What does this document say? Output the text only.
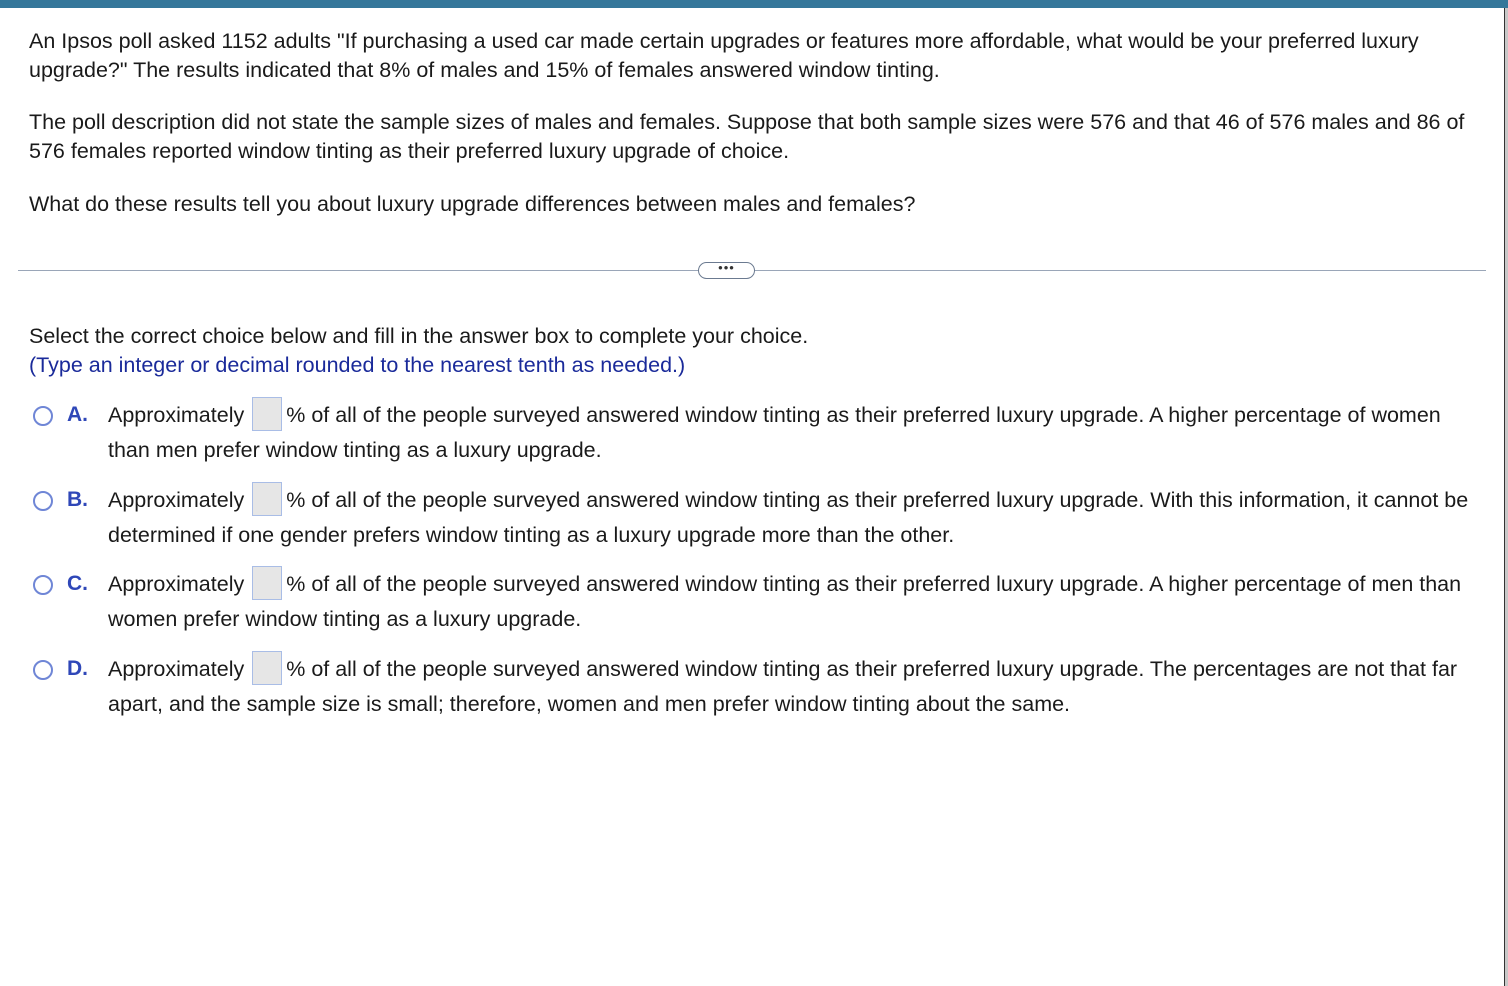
An Ipsos poll asked 1152 adults "If purchasing a used car made certain upgrades or features more affordable, what would be your preferred luxury upgrade?" The results indicated that 8% of males and 15% of females answered window tinting.

The poll description did not state the sample sizes of males and females. Suppose that both sample sizes were 576 and that 46 of 576 males and 86 of 576 females reported window tinting as their preferred luxury upgrade of choice.

What do these results tell you about luxury upgrade differences between males and females?

•••

Select the correct choice below and fill in the answer box to complete your choice.

(Type an integer or decimal rounded to the nearest tenth as needed.)

A. Approximately % of all of the people surveyed answered window tinting as their preferred luxury upgrade. A higher percentage of women than men prefer window tinting as a luxury upgrade.
B. Approximately % of all of the people surveyed answered window tinting as their preferred luxury upgrade. With this information, it cannot be determined if one gender prefers window tinting as a luxury upgrade more than the other.
C. Approximately % of all of the people surveyed answered window tinting as their preferred luxury upgrade. A higher percentage of men than women prefer window tinting as a luxury upgrade.
D. Approximately % of all of the people surveyed answered window tinting as their preferred luxury upgrade. The percentages are not that far apart, and the sample size is small; therefore, women and men prefer window tinting about the same.
